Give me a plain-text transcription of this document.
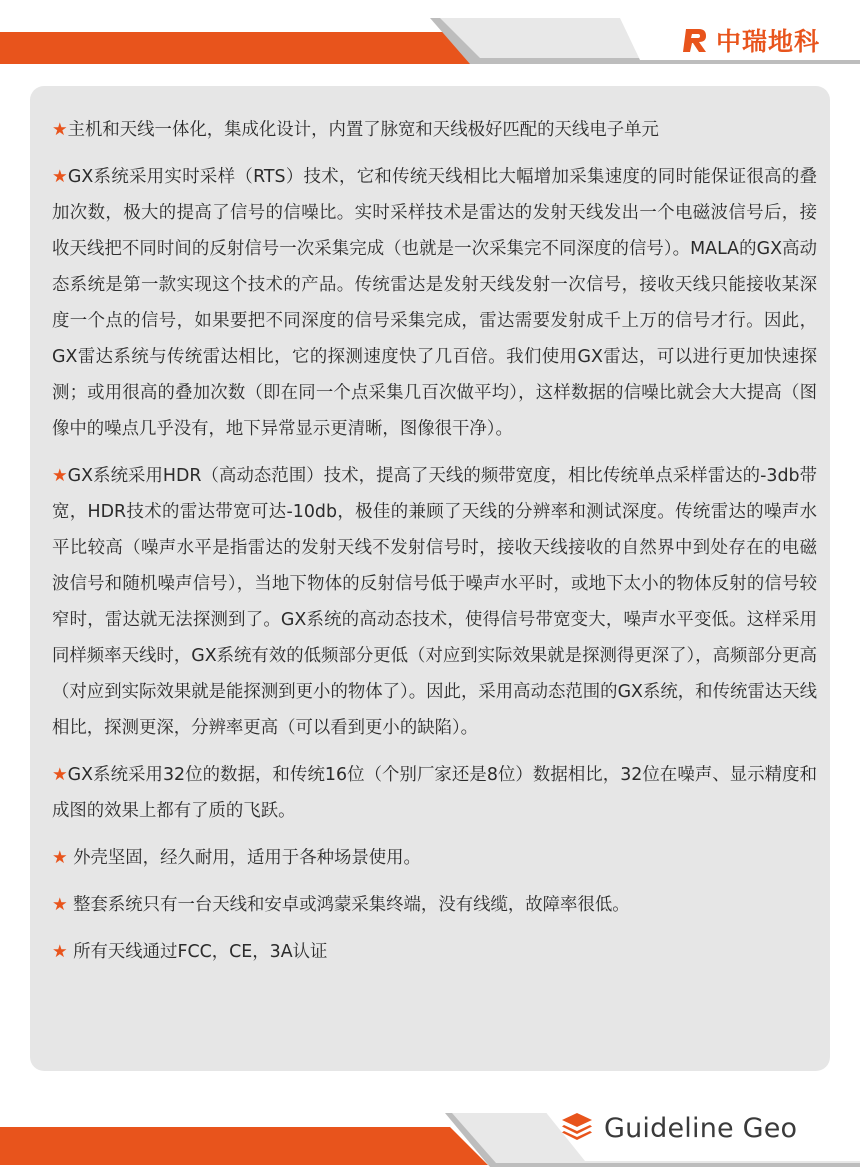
中瑞地科

★主机和天线一体化，集成化设计，内置了脉宽和天线极好匹配的天线电子单元

★GX系统采用实时采样（RTS）技术，它和传统天线相比大幅增加采集速度的同时能保证很高的叠加次数，极大的提高了信号的信噪比。实时采样技术是雷达的发射天线发出一个电磁波信号后，接收天线把不同时间的反射信号一次采集完成（也就是一次采集完不同深度的信号）。MALA的GX高动态系统是第一款实现这个技术的产品。传统雷达是发射天线发射一次信号，接收天线只能接收某深度一个点的信号，如果要把不同深度的信号采集完成，雷达需要发射成千上万的信号才行。因此，GX雷达系统与传统雷达相比，它的探测速度快了几百倍。我们使用GX雷达，可以进行更加快速探测；或用很高的叠加次数（即在同一个点采集几百次做平均），这样数据的信噪比就会大大提高（图像中的噪点几乎没有，地下异常显示更清晰，图像很干净）。

★GX系统采用HDR（高动态范围）技术，提高了天线的频带宽度，相比传统单点采样雷达的-3db带宽，HDR技术的雷达带宽可达-10db，极佳的兼顾了天线的分辨率和测试深度。传统雷达的噪声水平比较高（噪声水平是指雷达的发射天线不发射信号时，接收天线接收的自然界中到处存在的电磁波信号和随机噪声信号），当地下物体的反射信号低于噪声水平时，或地下太小的物体反射的信号较窄时，雷达就无法探测到了。GX系统的高动态技术，使得信号带宽变大，噪声水平变低。这样采用同样频率天线时，GX系统有效的低频部分更低（对应到实际效果就是探测得更深了），高频部分更高（对应到实际效果就是能探测到更小的物体了）。因此，采用高动态范围的GX系统，和传统雷达天线相比，探测更深，分辨率更高（可以看到更小的缺陷）。

★GX系统采用32位的数据，和传统16位（个别厂家还是8位）数据相比，32位在噪声、显示精度和成图的效果上都有了质的飞跃。

★ 外壳坚固，经久耐用，适用于各种场景使用。

★ 整套系统只有一台天线和安卓或鸿蒙采集终端，没有线缆，故障率很低。

★ 所有天线通过FCC，CE，3A认证

Guideline Geo
